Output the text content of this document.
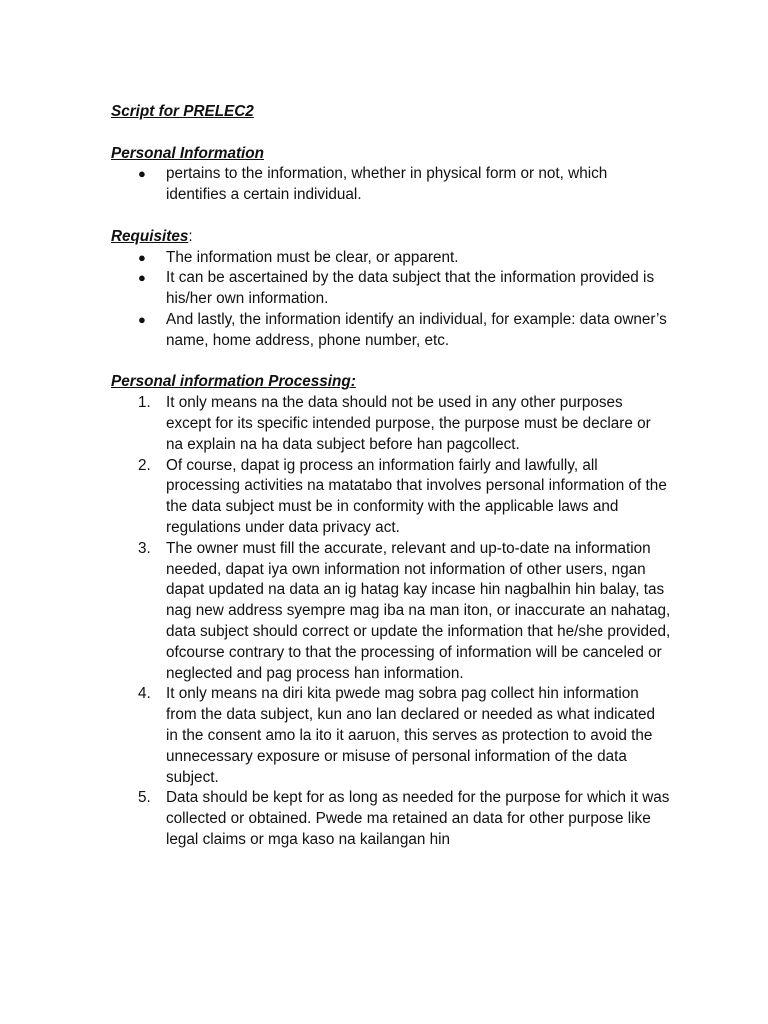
Script for PRELEC2

Personal Information

● pertains to the information, whether in physical form or not, which identifies a certain individual.

Requisites:

● The information must be clear, or apparent.
● It can be ascertained by the data subject that the information provided is his/her own information.
● And lastly, the information identify an individual, for example: data owner’s name, home address, phone number, etc.

Personal information Processing:

1. It only means na the data should not be used in any other purposes except for its specific intended purpose, the purpose must be declare or na explain na ha data subject before han pagcollect.
2. Of course, dapat ig process an information fairly and lawfully, all processing activities na matatabo that involves personal information of the the data subject must be in conformity with the applicable laws and regulations under data privacy act.
3. The owner must fill the accurate, relevant and up-to-date na information needed, dapat iya own information not information of other users, ngan dapat updated na data an ig hatag kay incase hin nagbalhin hin balay, tas nag new address syempre mag iba na man iton, or inaccurate an nahatag, data subject should correct or update the information that he/she provided, ofcourse contrary to that the processing of information will be canceled or neglected and pag process han information.
4. It only means na diri kita pwede mag sobra pag collect hin information from the data subject, kun ano lan declared or needed as what indicated in the consent amo la ito it aaruon, this serves as protection to avoid the unnecessary exposure or misuse of personal information of the data subject.
5. Data should be kept for as long as needed for the purpose for which it was collected or obtained. Pwede ma retained an data for other purpose like legal claims or mga kaso na kailangan hin
